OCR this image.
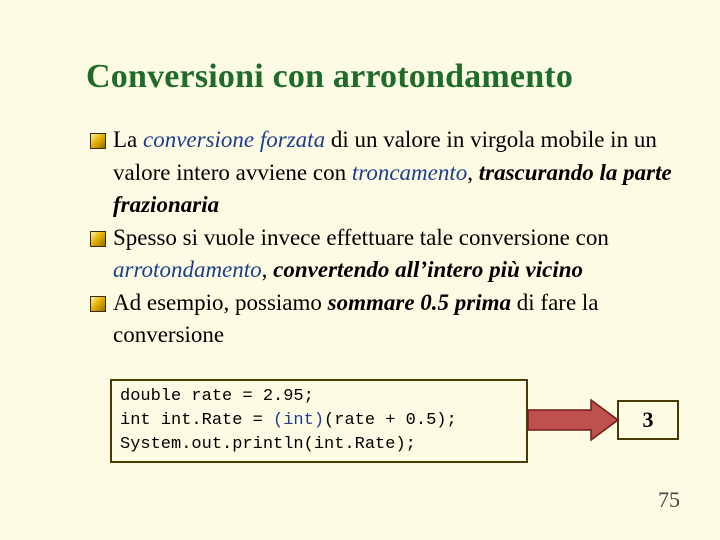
Conversioni con arrotondamento
La conversione forzata di un valore in virgola mobile in un valore intero avviene con troncamento, trascurando la parte frazionaria
Spesso si vuole invece effettuare tale conversione con arrotondamento, convertendo all’intero più vicino
Ad esempio, possiamo sommare 0.5 prima di fare la conversione
double rate = 2.95;
int int.Rate = (int)(rate + 0.5);
System.out.println(int.Rate);
3
75
